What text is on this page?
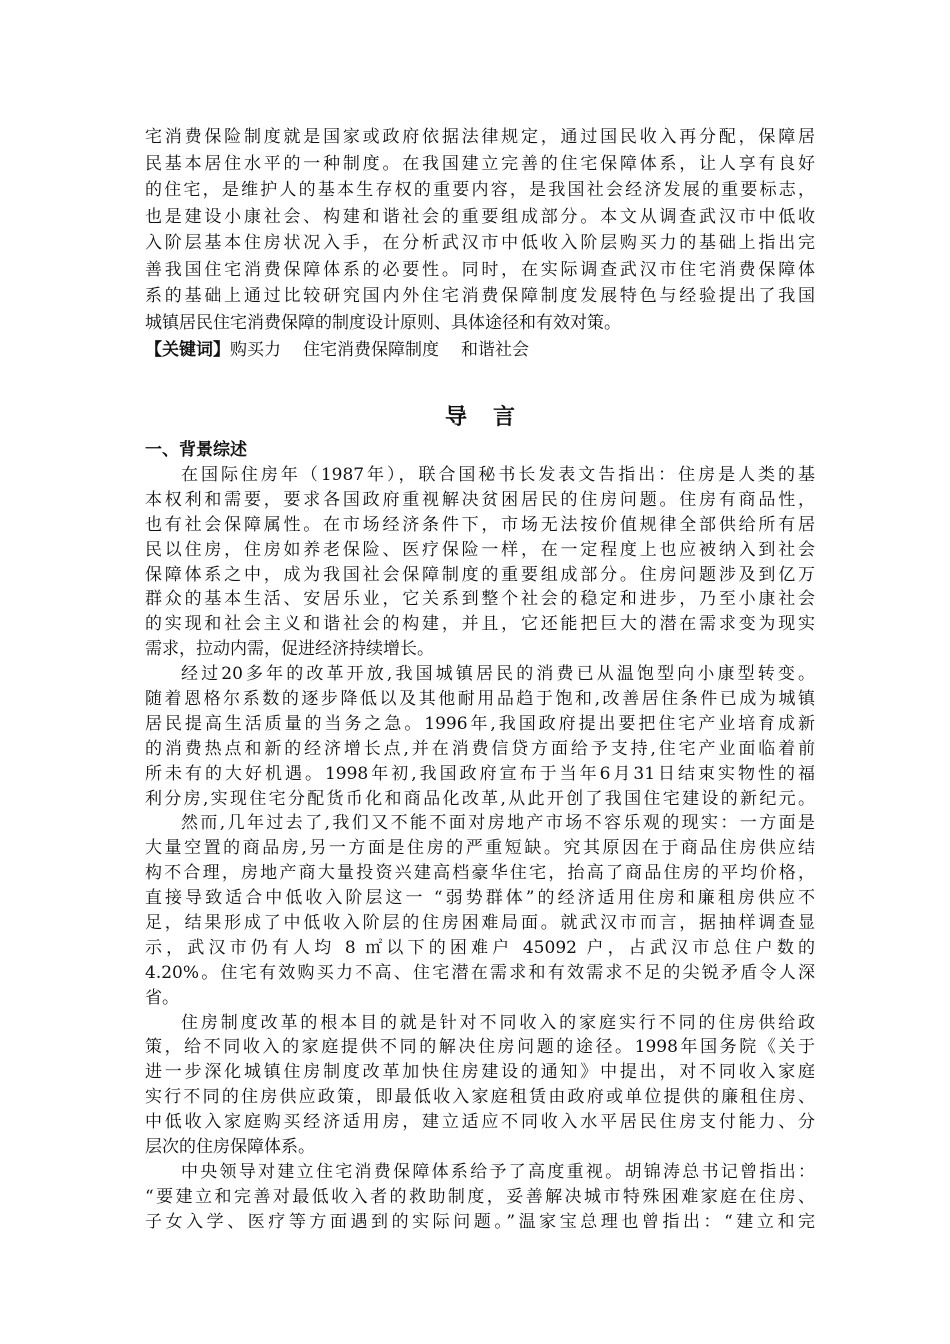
宅消费保险制度就是国家或政府依据法律规定，通过国民收入再分配，保障居
民基本居住水平的一种制度。在我国建立完善的住宅保障体系，让人享有良好
的住宅，是维护人的基本生存权的重要内容，是我国社会经济发展的重要标志，
也是建设小康社会、构建和谐社会的重要组成部分。本文从调查武汉市中低收
入阶层基本住房状况入手，在分析武汉市中低收入阶层购买力的基础上指出完
善我国住宅消费保障体系的必要性。同时，在实际调查武汉市住宅消费保障体
系的基础上通过比较研究国内外住宅消费保障制度发展特色与经验提出了我国
城镇居民住宅消费保障的制度设计原则、具体途径和有效对策。
【关键词】购买力 住宅消费保障制度 和谐社会
导言
一、背景综述
在国际住房年（1987年），联合国秘书长发表文告指出：住房是人类的基
本权利和需要，要求各国政府重视解决贫困居民的住房问题。住房有商品性，
也有社会保障属性。在市场经济条件下，市场无法按价值规律全部供给所有居
民以住房，住房如养老保险、医疗保险一样，在一定程度上也应被纳入到社会
保障体系之中，成为我国社会保障制度的重要组成部分。住房问题涉及到亿万
群众的基本生活、安居乐业，它关系到整个社会的稳定和进步，乃至小康社会
的实现和社会主义和谐社会的构建，并且，它还能把巨大的潜在需求变为现实
需求，拉动内需，促进经济持续增长。
经过20多年的改革开放,我国城镇居民的消费已从温饱型向小康型转变。
随着恩格尔系数的逐步降低以及其他耐用品趋于饱和,改善居住条件已成为城镇
居民提高生活质量的当务之急。1996年,我国政府提出要把住宅产业培育成新
的消费热点和新的经济增长点,并在消费信贷方面给予支持,住宅产业面临着前
所未有的大好机遇。1998年初,我国政府宣布于当年6月31日结束实物性的福
利分房,实现住宅分配货币化和商品化改革,从此开创了我国住宅建设的新纪元。
然而,几年过去了,我们又不能不面对房地产市场不容乐观的现实：一方面是
大量空置的商品房,另一方面是住房的严重短缺。究其原因在于商品住房供应结
构不合理，房地产商大量投资兴建高档豪华住宅，抬高了商品住房的平均价格，
直接导致适合中低收入阶层这一 “弱势群体”的经济适用住房和廉租房供应不
足，结果形成了中低收入阶层的住房困难局面。就武汉市而言，据抽样调查显
示，武汉市仍有人均 8 ㎡以下的困难户 45092 户，占武汉市总住户数的
4.20%。住宅有效购买力不高、住宅潜在需求和有效需求不足的尖锐矛盾令人深
省。
住房制度改革的根本目的就是针对不同收入的家庭实行不同的住房供给政
策，给不同收入的家庭提供不同的解决住房问题的途径。1998年国务院《关于
进一步深化城镇住房制度改革加快住房建设的通知》中提出，对不同收入家庭
实行不同的住房供应政策，即最低收入家庭租赁由政府或单位提供的廉租住房、
中低收入家庭购买经济适用房，建立适应不同收入水平居民住房支付能力、分
层次的住房保障体系。
中央领导对建立住宅消费保障体系给予了高度重视。胡锦涛总书记曾指出：
“要建立和完善对最低收入者的救助制度，妥善解决城市特殊困难家庭在住房、
子女入学、医疗等方面遇到的实际问题。”温家宝总理也曾指出：“建立和完
